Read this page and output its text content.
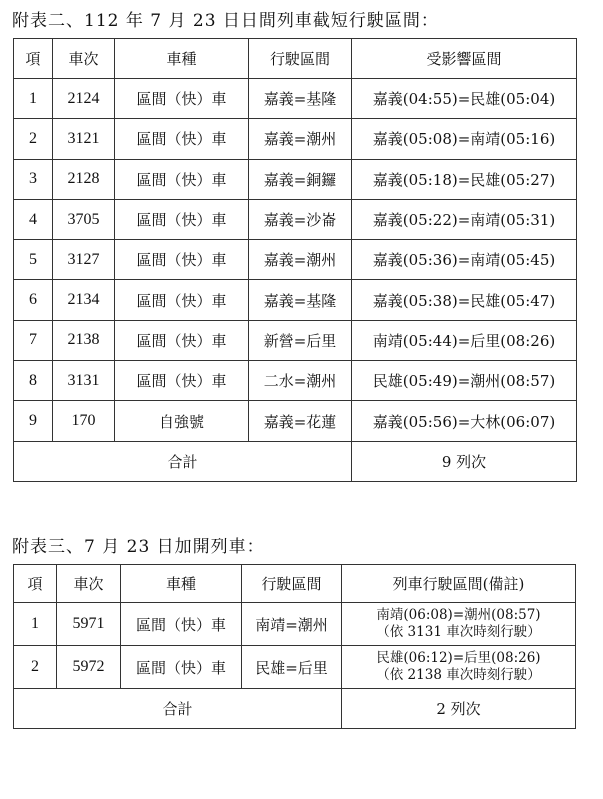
附表二、112 年 7 月 23 日日間列車截短行駛區間：
項	車次	車種	行駛區間	受影響區間
1	2124	區間（快）車	嘉義=基隆	嘉義(04:55)=民雄(05:04)
2	3121	區間（快）車	嘉義=潮州	嘉義(05:08)=南靖(05:16)
3	2128	區間（快）車	嘉義=銅鑼	嘉義(05:18)=民雄(05:27)
4	3705	區間（快）車	嘉義=沙崙	嘉義(05:22)=南靖(05:31)
5	3127	區間（快）車	嘉義=潮州	嘉義(05:36)=南靖(05:45)
6	2134	區間（快）車	嘉義=基隆	嘉義(05:38)=民雄(05:47)
7	2138	區間（快）車	新營=后里	南靖(05:44)=后里(08:26)
8	3131	區間（快）車	二水=潮州	民雄(05:49)=潮州(08:57)
9	170	自強號	嘉義=花蓮	嘉義(05:56)=大林(06:07)
合計				9 列次
附表三、7 月 23 日加開列車：
項	車次	車種	行駛區間	列車行駛區間(備註)
1	5971	區間（快）車	南靖=潮州	南靖(06:08)=潮州(08:57)
（依 3131 車次時刻行駛）

2	5972	區間（快）車	民雄=后里	民雄(06:12)=后里(08:26)
（依 2138 車次時刻行駛）

合計				2 列次
